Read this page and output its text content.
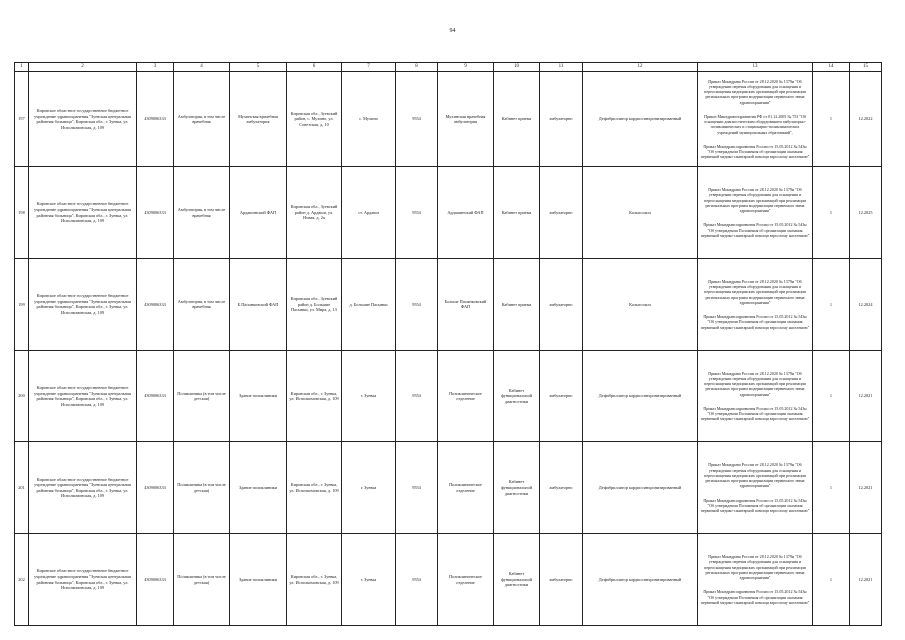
94
1	2	3	4	5	6	7	8	9	10	11	12	13	14	15
197	Кировское областное государственное бюджетное учреждение здравоохранения "Зуевская центральная районная больница", Кировская обл., г. Зуевка, ул. Исполкомовская, д. 109	4309006333	Амбулатория, в том числе врачебная	Мухинская врачебная амбулатория	Кировская обл., Зуевский район, с. Мухино, ул. Советская, д. 10	с. Мухино	9554	Мухинская врачебная амбулатория	Кабинет приема	амбулаторно	Дефибриллятор кардиосинхронизированный	Приказ Минздрава России от 28.12.2020 № 1379н "Об утверждении перечня оборудования для оснащения и переоснащения медицинских организаций при реализации региональных программ модернизации первичного звена здравоохранения"
Приказ Минздравсоцразвития РФ от 01.12.2005 № 753 "Об оснащении диагностическим оборудованием амбулаторно-поликлинических и стационарно-поликлинических учреждений муниципальных образований",
Приказ Минздравсоцразвития России от 15.05.2012 № 543н "Об утверждении Положения об организации оказания первичной медико-санитарной помощи взрослому населению"	1	12.2022
198	Кировское областное государственное бюджетное учреждение здравоохранения "Зуевская центральная районная больница", Кировская обл., г. Зуевка, ул. Исполкомовская, д. 109	4309006333	Амбулатория, в том числе врачебная	Ардашинский ФАП	Кировская обл., Зуевский район д. Ардаши, ул. Новая, д. 2а	ст. Ардаши	9554	Ардашинский ФАП	Кабинет приема	амбулаторно	Кольпоскоп	Приказ Минздрава России от 28.12.2020 № 1379н "Об утверждении перечня оборудования для оснащения и переоснащения медицинских организаций при реализации региональных программ модернизации первичного звена здравоохранения"
Приказ Минздравсоцразвития России от 15.05.2012 № 543н "Об утверждении Положения об организации оказания первичной медико-санитарной помощи взрослому населению"	1	12.2025
199	Кировское областное государственное бюджетное учреждение здравоохранения "Зуевская центральная районная больница", Кировская обл., г. Зуевка, ул. Исполкомовская, д. 109	4309006333	Амбулатория, в том числе врачебная	Б.Пасынковский ФАП	Кировская обл., Зуевский район д. Большие Пасынки, ул. Мира, д. 13	д. Большие Пасынки	9554	Больше Пасынковский ФАП	Кабинет приема	амбулаторно	Кольпоскоп	Приказ Минздрава России от 28.12.2020 № 1379н "Об утверждении перечня оборудования для оснащения и переоснащения медицинских организаций при реализации региональных программ модернизации первичного звена здравоохранения"
Приказ Минздравсоцразвития России от 15.05.2012 № 543н "Об утверждении Положения об организации оказания первичной медико-санитарной помощи взрослому населению"	1	12.2024
200	Кировское областное государственное бюджетное учреждение здравоохранения "Зуевская центральная районная больница", Кировская обл., г. Зуевка, ул. Исполкомовская, д. 109	4309006333	Поликлиника (в том числе детская)	Здание поликлиники	Кировская обл., г. Зуевка, ул. Исполкомовская, д. 109	г. Зуевка	9554	Поликлиническое отделение	Кабинет функциональной диагностики	амбулаторно	Дефибриллятор кардиосинхронизированный	Приказ Минздрава России от 28.12.2020 № 1379н "Об утверждении перечня оборудования для оснащения и переоснащения медицинских организаций при реализации региональных программ модернизации первичного звена здравоохранения"
Приказ Минздравсоцразвития России от 15.05.2012 № 543н "Об утверждении Положения об организации оказания первичной медико-санитарной помощи взрослому населению"	1	12.2021
201	Кировское областное государственное бюджетное учреждение здравоохранения "Зуевская центральная районная больница", Кировская обл., г. Зуевка, ул. Исполкомовская, д. 109	4309006333	Поликлиника (в том числе детская)	Здание поликлиники	Кировская обл., г. Зуевка, ул. Исполкомовская, д. 109	г. Зуевка	9554	Поликлиническое отделение	Кабинет функциональной диагностики	амбулаторно	Дефибриллятор кардиосинхронизированный	Приказ Минздрава России от 28.12.2020 № 1379н "Об утверждении перечня оборудования для оснащения и переоснащения медицинских организаций при реализации региональных программ модернизации первичного звена здравоохранения"
Приказ Минздравсоцразвития России от 15.05.2012 № 543н "Об утверждении Положения об организации оказания первичной медико-санитарной помощи взрослому населению"	1	12.2021
202	Кировское областное государственное бюджетное учреждение здравоохранения "Зуевская центральная районная больница", Кировская обл., г. Зуевка, ул. Исполкомовская, д. 109	4309006333	Поликлиника (в том числе детская)	Здание поликлиники	Кировская обл., г. Зуевка, ул. Исполкомовская, д. 109	г. Зуевка	9554	Поликлиническое отделение	Кабинет функциональной диагностики	амбулаторно	Дефибриллятор кардиосинхронизированный	Приказ Минздрава России от 28.12.2020 № 1379н "Об утверждении перечня оборудования для оснащения и переоснащения медицинских организаций при реализации региональных программ модернизации первичного звена здравоохранения"
Приказ Минздравсоцразвития России от 15.05.2012 № 543н "Об утверждении Положения об организации оказания первичной медико-санитарной помощи взрослому населению"	1	12.2021
